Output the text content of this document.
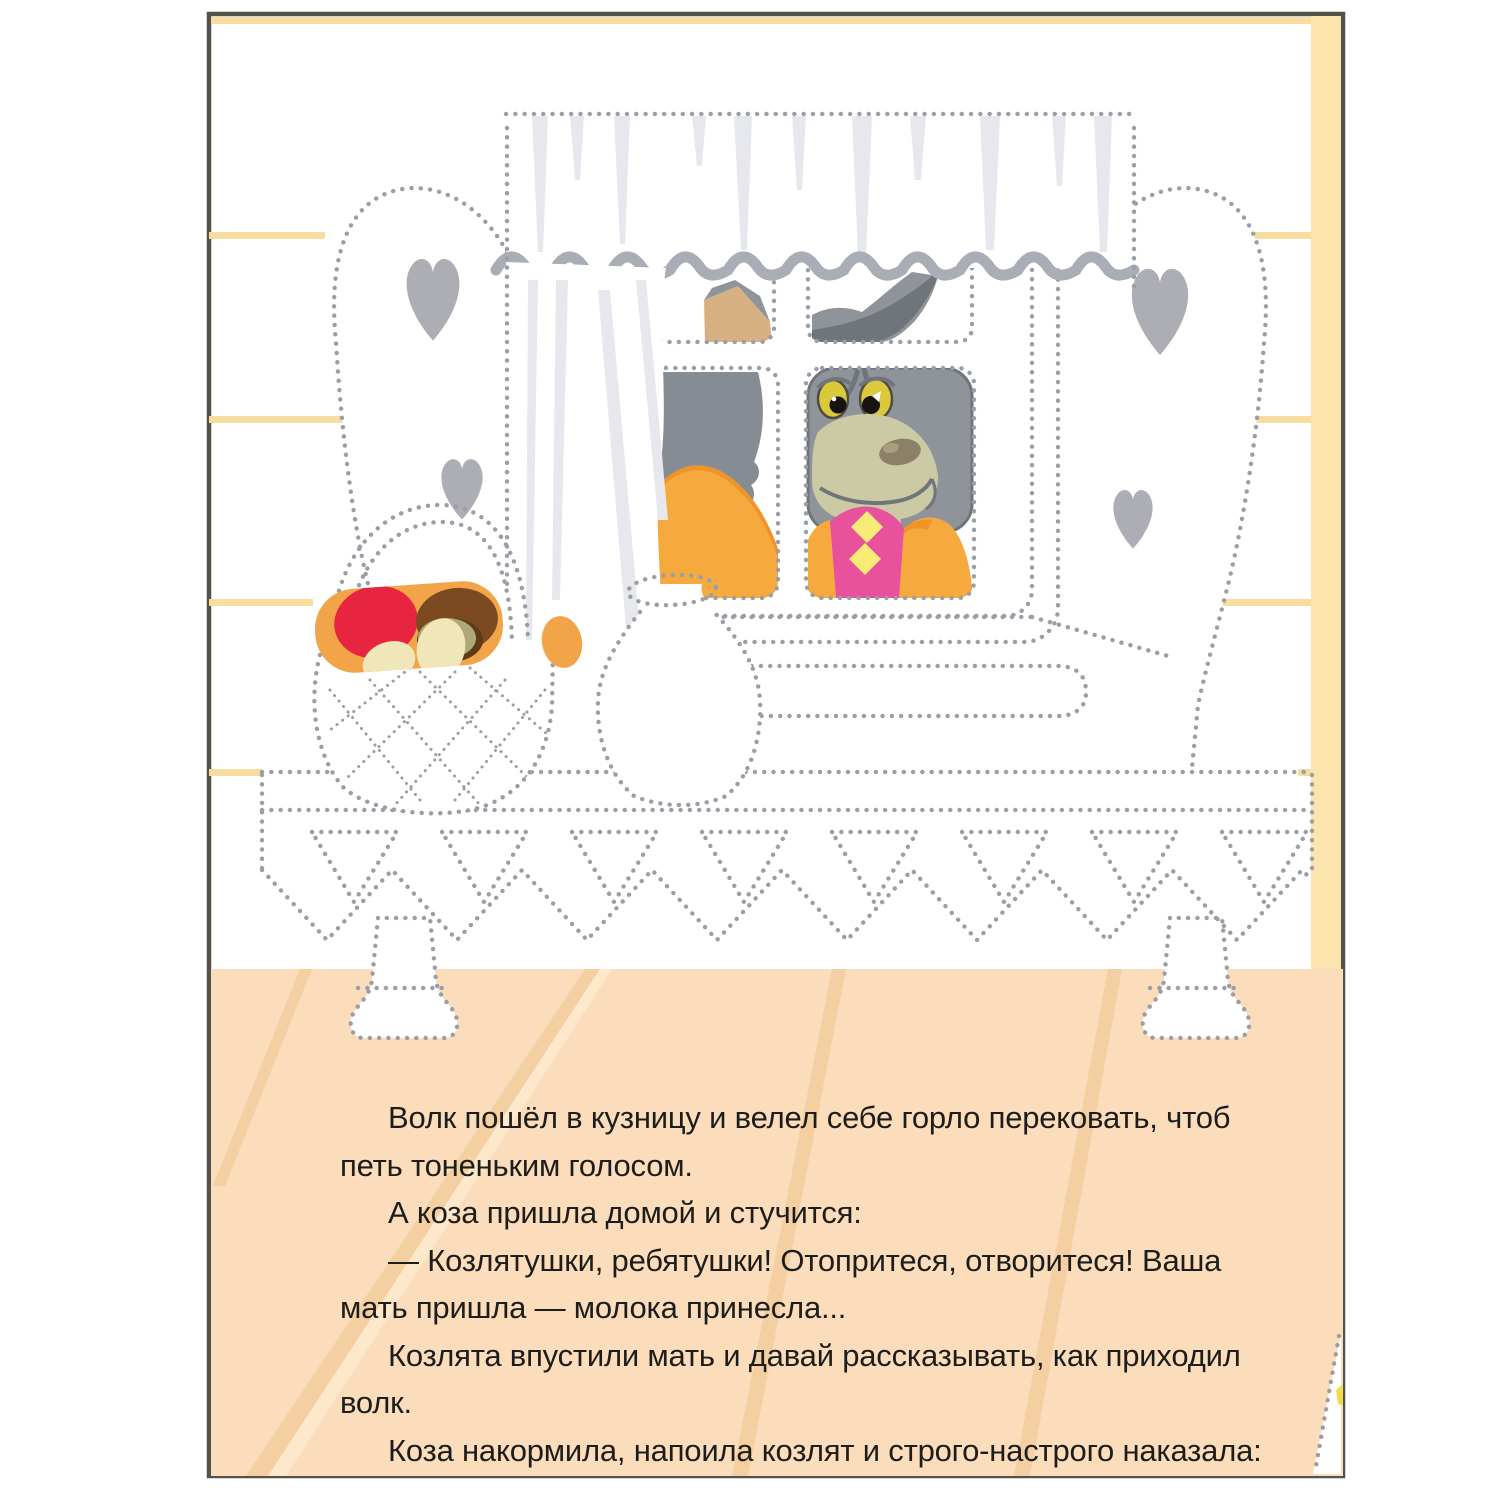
Волк пошёл в кузницу и велел себе горло перековать, чтоб
петь тоненьким голосом.
А коза пришла домой и стучится:
— Козлятушки, ребятушки! Отопритеся, отворитеся! Ваша
мать пришла — молока принесла...
Козлята впустили мать и давай рассказывать, как приходил
волк.
Коза накормила, напоила козлят и строго-настрого наказала:
